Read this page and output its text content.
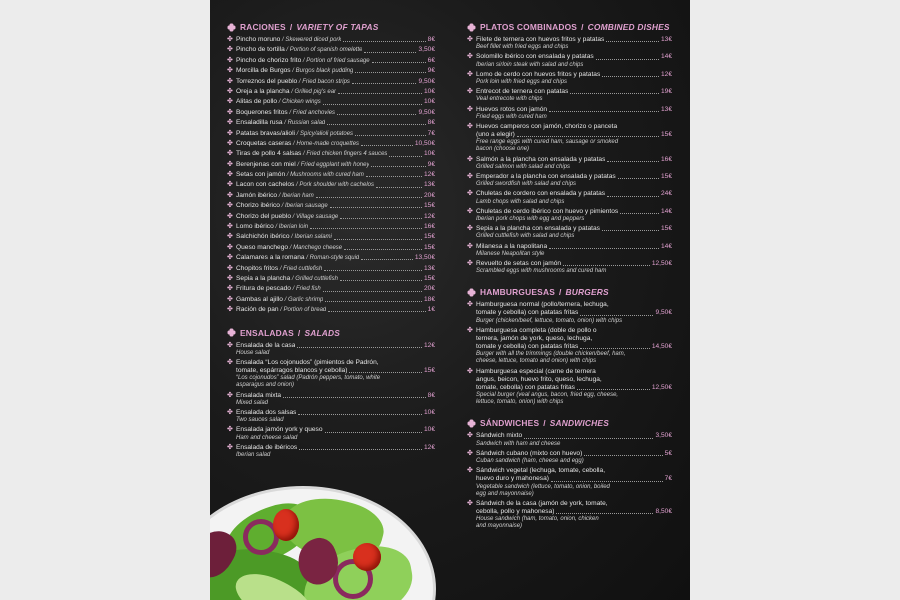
RACIONES / VARIETY OF TAPAS
✤ Pincho moruno / Skewered diced pork	8€
✤ Pincho de tortilla / Portion of spanish omelette	3,50€
✤ Pincho de chorizo frito / Portion of fried sausage	6€
✤ Morcilla de Burgos / Burgos black pudding	9€
✤ Torreznos del pueblo / Fried bacon strips	9,50€
✤ Oreja a la plancha / Grilled pig's ear	10€
✤ Alitas de pollo / Chicken wings	10€
✤ Boquerones fritos / Fried anchovies	9,50€
✤ Ensaladilla rusa / Russian salad	8€
✤ Patatas bravas/alioli / Spicy/alioli potatoes	7€
✤ Croquetas caseras / Home-made croquettes	10,50€
✤ Tiras de pollo 4 salsas / Fried chicken fingers 4 sauces	10€
✤ Berenjenas con miel / Fried eggplant with honey	9€
✤ Setas con jamón / Mushrooms with cured ham	12€
✤ Lacon con cachelos / Pork shoulder with cachelos	13€
✤ Jamón ibérico / Iberian ham	20€
✤ Chorizo ibérico / Iberian sausage	15€
✤ Chorizo del pueblo / Village sausage	12€
✤ Lomo ibérico / Iberian loin	16€
✤ Salchichón ibérico / Iberian salami	15€
✤ Queso manchego / Manchego cheese	15€
✤ Calamares a la romana / Roman-style squid	13,50€
✤ Chopitos fritos / Fried cuttlefish	13€
✤ Sepia a la plancha / Grilled cuttlefish	15€
✤ Fritura de pescado / Fried fish	20€
✤ Gambas al ajillo / Garlic shrimp	18€
✤ Ración de pan / Portion of bread	1€
ENSALADAS / SALADS
✤ Ensalada de la casa	12€
House salad
✤ Ensalada “Los cojonudos” (pimientos de Padrón,
tomate, espárragos blancos y cebolla)	15€
“Los cojonudos” salad (Padrón peppers, tomato, white
asparagus and onion)
✤ Ensalada mixta	8€
Mixed salad
✤ Ensalada dos salsas	10€
Two sauces salad
✤ Ensalada jamón york y queso	10€
Ham and cheese salad
✤ Ensalada de ibéricos	12€
Iberian salad
PLATOS COMBINADOS / COMBINED DISHES
✤ Filete de ternera con huevos fritos y patatas	13€
Beef fillet with fried eggs and chips
✤ Solomillo ibérico con ensalada y patatas	14€
Iberian sirloin steak with salad and chips
✤ Lomo de cerdo con huevos fritos y patatas	12€
Pork loin with fried eggs and chips
✤ Entrecot de ternera con patatas	19€
Veal entrecote with chips
✤ Huevos rotos con jamón	13€
Fried eggs with cured ham
✤ Huevos camperos con jamón, chorizo o panceta
(uno a elegir)	15€
Free range eggs with cured ham, sausage or smoked
bacon (choose one)
✤ Salmón a la plancha con ensalada y patatas	16€
Grilled salmon with salad and chips
✤ Emperador a la plancha con ensalada y patatas	15€
Grilled swordfish with salad and chips
✤ Chuletas de cordero con ensalada y patatas	24€
Lamb chops with salad and chips
✤ Chuletas de cerdo ibérico con huevo y pimientos	14€
Iberian pork chops with egg and peppers
✤ Sepia a la plancha con ensalada y patatas	15€
Grilled cuttlefish with salad and chips
✤ Milanesa a la napolitana	14€
Milanese Neapolitan style
✤ Revuelto de setas con jamón	12,50€
Scrambled eggs with mushrooms and cured ham
HAMBURGUESAS / BURGERS
✤ Hamburguesa normal (pollo/ternera, lechuga,
tomate y cebolla) con patatas fritas	9,50€
Burger (chicken/beef, lettuce, tomato, onion) with chips
✤ Hamburguesa completa (doble de pollo o
ternera, jamón de york, queso, lechuga,
tomate y cebolla) con patatas fritas	14,50€
Burger with all the trimmings (double chicken/beef, ham,
cheese, lettuce, tomato and onion) with chips
✤ Hamburguesa especial (carne de ternera
angus, beicon, huevo frito, queso, lechuga,
tomate, cebolla) con patatas fritas	12,50€
Special burger (veal angus, bacon, fried egg, cheese,
lettuce, tomato, onion) with chips
SÁNDWICHES / SANDWICHES
✤ Sándwich mixto	3,50€
Sandwich with ham and cheese
✤ Sándwich cubano (mixto con huevo)	5€
Cuban sandwich (ham, cheese and egg)
✤ Sándwich vegetal (lechuga, tomate, cebolla,
huevo duro y mahonesa)	7€
Vegetable sandwich (lettuce, tomato, onion, boiled
egg and mayonnaise)
✤ Sándwich de la casa (jamón de york, tomate,
cebolla, pollo y mahonesa)	8,50€
House sandwich (ham, tomato, onion, chicken
and mayonnaise)
